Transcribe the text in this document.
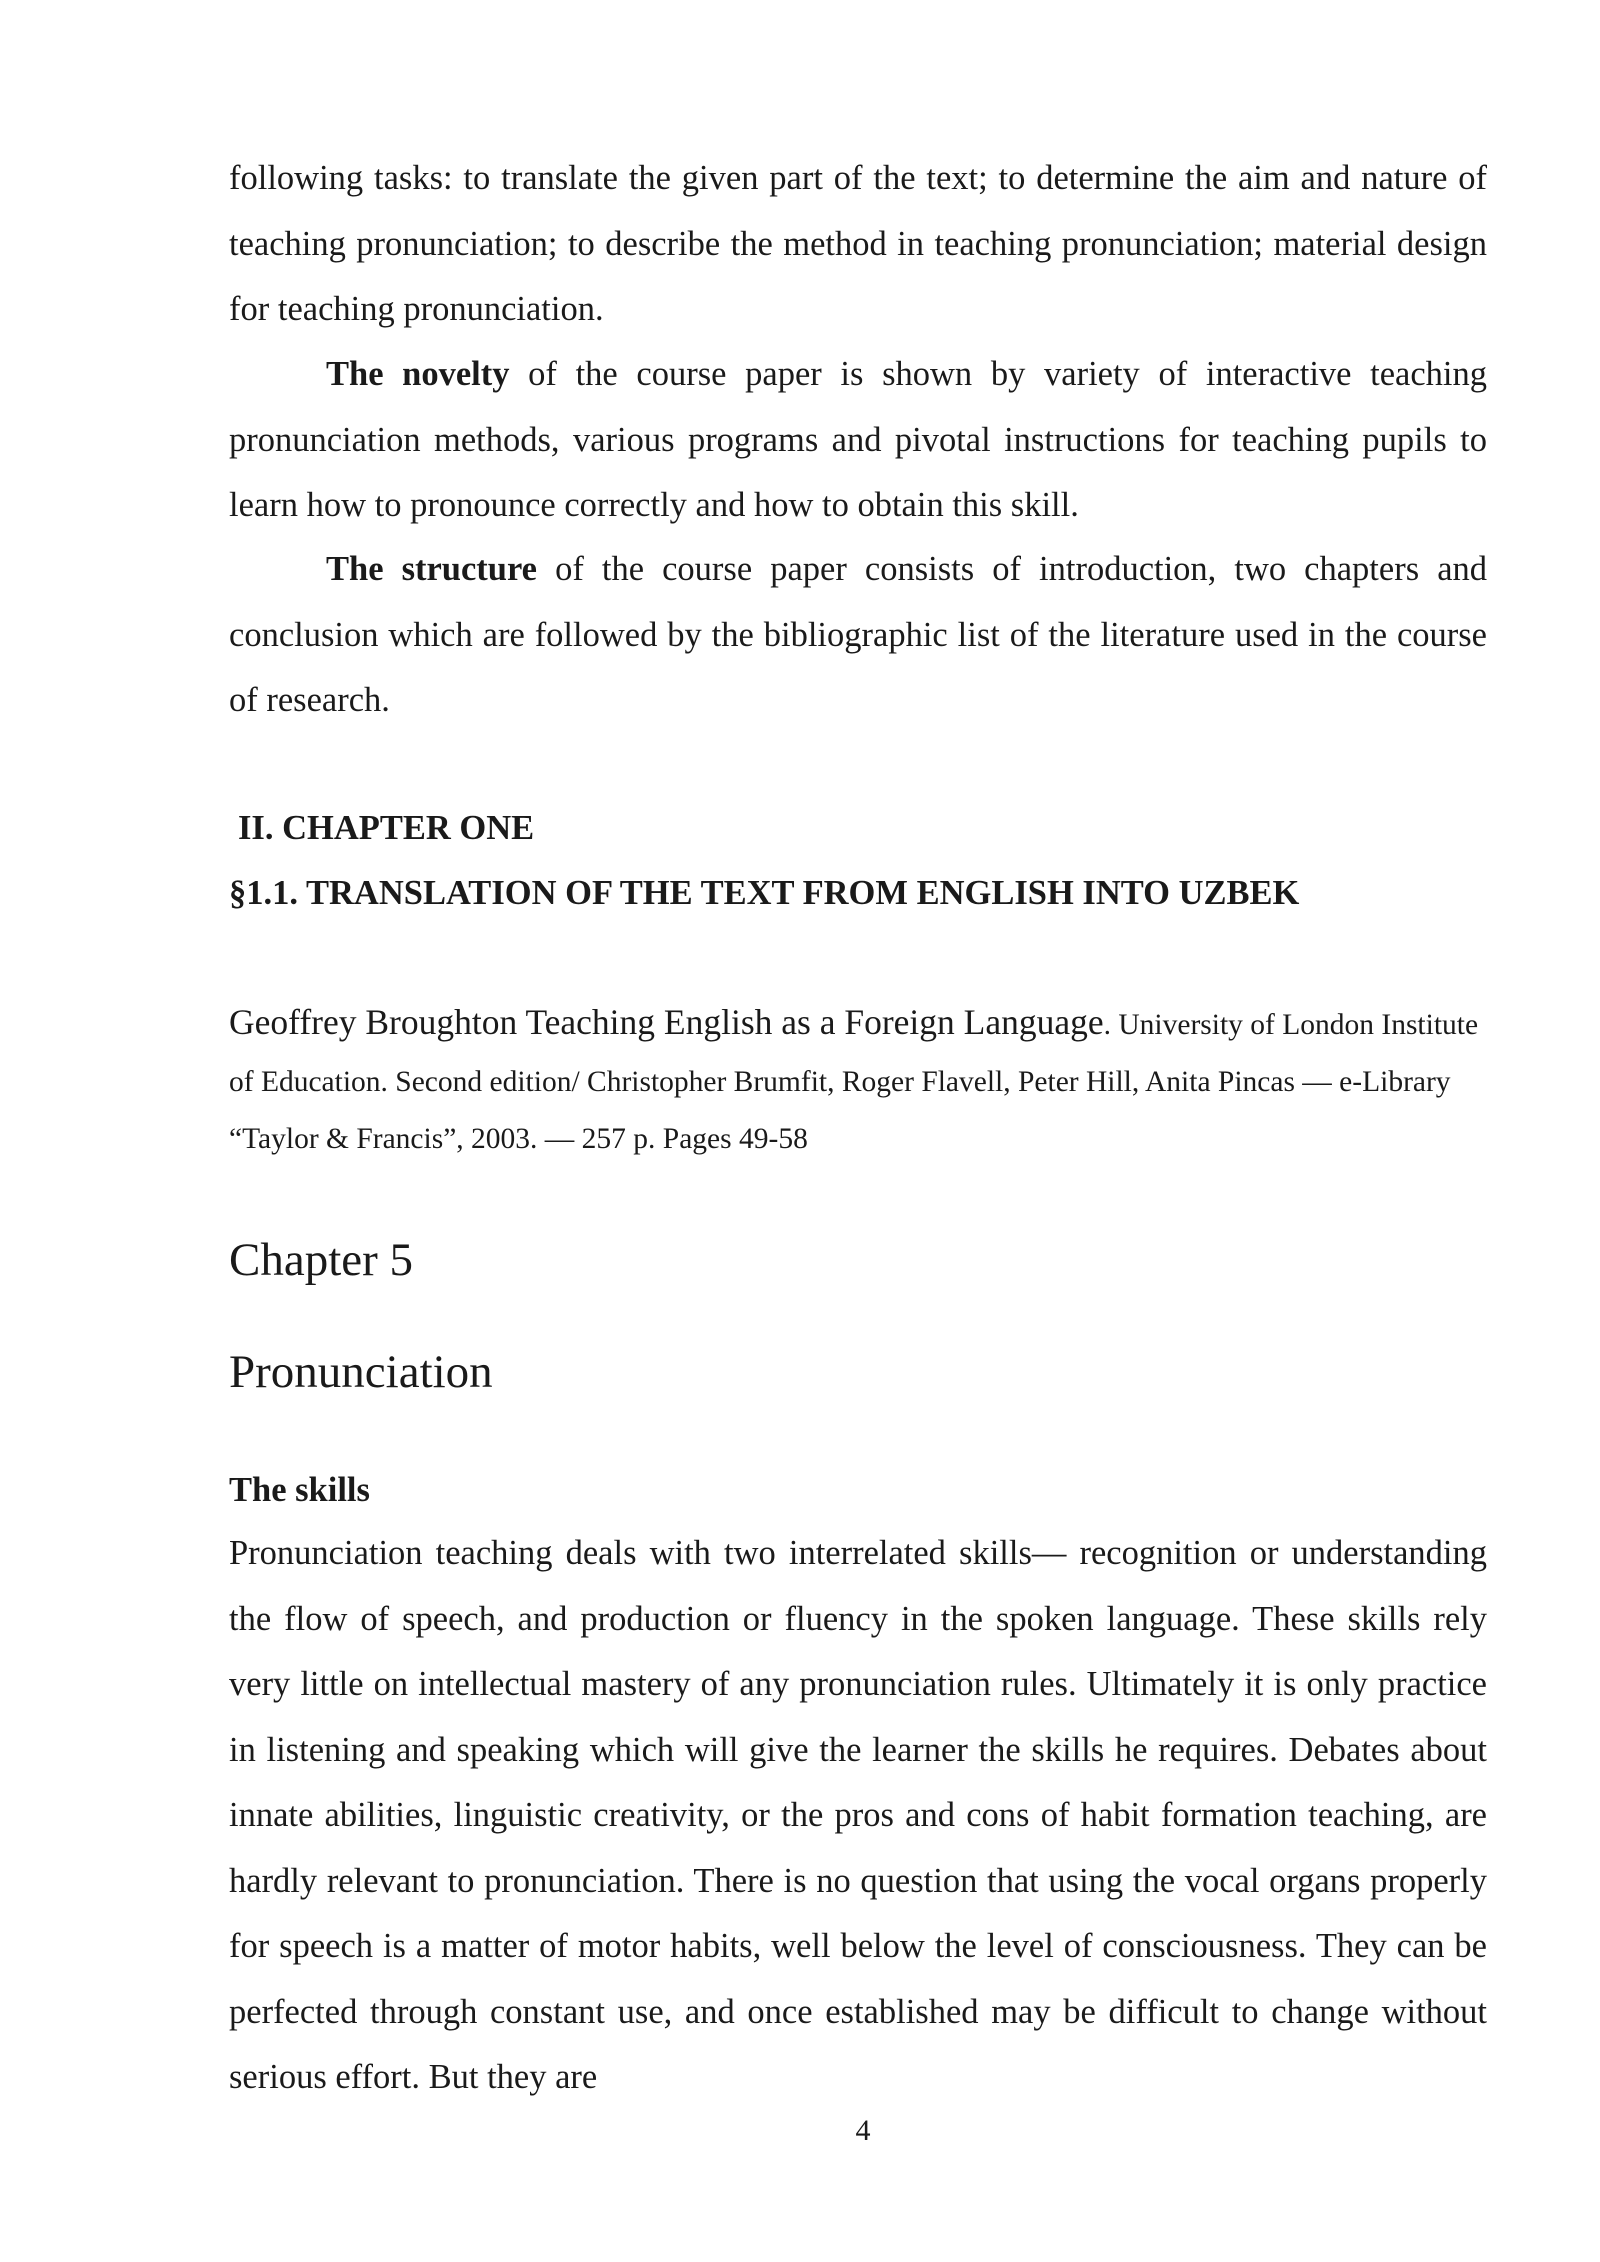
following tasks: to translate the given part of the text; to determine the aim and nature of teaching pronunciation; to describe the method in teaching pronunciation; material design for teaching pronunciation.

The novelty of the course paper is shown by variety of interactive teaching pronunciation methods, various programs and pivotal instructions for teaching pupils to learn how to pronounce correctly and how to obtain this skill.

The structure of the course paper consists of introduction, two chapters and conclusion which are followed by the bibliographic list of the literature used in the course of research.

II. CHAPTER ONE
§1.1. TRANSLATION OF THE TEXT FROM ENGLISH INTO UZBEK

Geoffrey Broughton Teaching English as a Foreign Language. University of London Institute of Education. Second edition/ Christopher Brumfit, Roger Flavell, Peter Hill, Anita Pincas — e-Library “Taylor & Francis”, 2003. — 257 p. Pages 49-58

Chapter 5
Pronunciation
The skills

Pronunciation teaching deals with two interrelated skills— recognition or understanding the flow of speech, and production or fluency in the spoken language. These skills rely very little on intellectual mastery of any pronunciation rules. Ultimately it is only practice in listening and speaking which will give the learner the skills he requires. Debates about innate abilities, linguistic creativity, or the pros and cons of habit formation teaching, are hardly relevant to pronunciation. There is no question that using the vocal organs properly for speech is a matter of motor habits, well below the level of consciousness. They can be perfected through constant use, and once established may be difficult to change without serious effort. But they are

4
